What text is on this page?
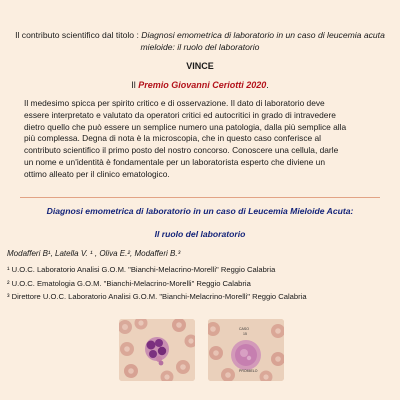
Il contributo scientifico dal titolo : Diagnosi emometrica di laboratorio in un caso di leucemia acuta mieloide: il ruolo del laboratorio
VINCE
Il Premio Giovanni Ceriotti 2020.
Il medesimo spicca per spirito critico e di osservazione. Il dato di laboratorio deve
essere interpretato e valutato da operatori critici ed autocritici in grado di intravedere
dietro quello che può essere un semplice numero una patologia, dalla più semplice alla
più complessa. Degna di nota è la microscopia, che in questo caso conferisce al
contributo scientifico il primo posto del nostro concorso. Conoscere una cellula, darle
un nome e un'identità è fondamentale per un laboratorista esperto che diviene un
ottimo alleato per il clinico ematologico.
Diagnosi emometrica di laboratorio in un caso di Leucemia Mieloide Acuta:
Il ruolo del laboratorio
Modafferi B¹, Latella V. ¹ , Oliva E.², Modafferi B.³
¹ U.O.C. Laboratorio Analisi G.O.M. "Bianchi-Melacrino-Morelli" Reggio Calabria
² U.O.C. Ematologia G.O.M. "Bianchi-Melacrino-Morelli" Reggio Calabria
³ Direttore U.O.C. Laboratorio Analisi G.O.M. "Bianchi-Melacrino-Morelli" Reggio Calabria
CASO
15
PROMIELO
